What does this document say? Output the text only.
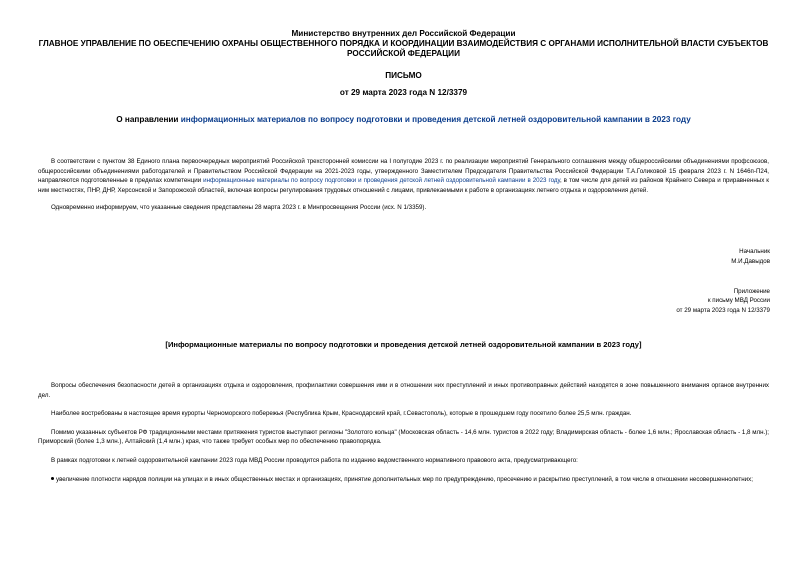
Министерство внутренних дел Российской Федерации
ГЛАВНОЕ УПРАВЛЕНИЕ ПО ОБЕСПЕЧЕНИЮ ОХРАНЫ ОБЩЕСТВЕННОГО ПОРЯДКА И КООРДИНАЦИИ ВЗАИМОДЕЙСТВИЯ С ОРГАНАМИ ИСПОЛНИТЕЛЬНОЙ ВЛАСТИ СУБЪЕКТОВ РОССИЙСКОЙ ФЕДЕРАЦИИ
ПИСЬМО
от 29 марта 2023 года N 12/3379
О направлении информационных материалов по вопросу подготовки и проведения детской летней оздоровительной кампании в 2023 году

В соответствии с пунктом 38 Единого плана первоочередных мероприятий Российской трехсторонней комиссии на I полугодие 2023 г. по реализации мероприятий Генерального соглашения между общероссийскими объединениями профсоюзов, общероссийскими объединениями работодателей и Правительством Российской Федерации на 2021-2023 годы, утвержденного Заместителем Председателя Правительства Российской Федерации Т.А.Голиковой 15 февраля 2023 г. N 1646п-П24, направляются подготовленные в пределах компетенции информационные материалы по вопросу подготовки и проведения детской летней оздоровительной кампании в 2023 году, в том числе для детей из районов Крайнего Севера и приравненных к ним местностях, ПНР, ДНР, Херсонской и Запорожской областей, включая вопросы регулирования трудовых отношений с лицами, привлекаемыми к работе в организациях летнего отдыха и оздоровления детей.

Одновременно информируем, что указанные сведения представлены 28 марта 2023 г. в Минпросвещения России (исх. N 1/3359).

Начальник
М.И.Давыдов
Приложение
к письму МВД России
от 29 марта 2023 года N 12/3379
[Информационные материалы по вопросу подготовки и проведения детской летней оздоровительной кампании в 2023 году]

Вопросы обеспечения безопасности детей в организациях отдыха и оздоровления, профилактики совершения ими и в отношении них преступлений и иных противоправных действий находятся в зоне повышенного внимания органов внутренних дел.

Наиболее востребованы в настоящее время курорты Черноморского побережья (Республика Крым, Краснодарский край, г.Севастополь), которые в прошедшем году посетило более 25,5 млн. граждан.

Помимо указанных субъектов РФ традиционными местами притяжения туристов выступают регионы "Золотого кольца" (Московская область - 14,6 млн. туристов в 2022 году; Владимирская область - более 1,6 млн.; Ярославская область - 1,8 млн.); Приморский (более 1,3 млн.), Алтайский (1,4 млн.) края, что также требует особых мер по обеспечению правопорядка.

В рамках подготовки к летней оздоровительной кампании 2023 года МВД России проводится работа по изданию ведомственного нормативного правового акта, предусматривающего:

увеличение плотности нарядов полиции на улицах и в иных общественных местах и организациях, принятие дополнительных мер по предупреждению, пресечению и раскрытию преступлений, в том числе в отношении несовершеннолетних;
